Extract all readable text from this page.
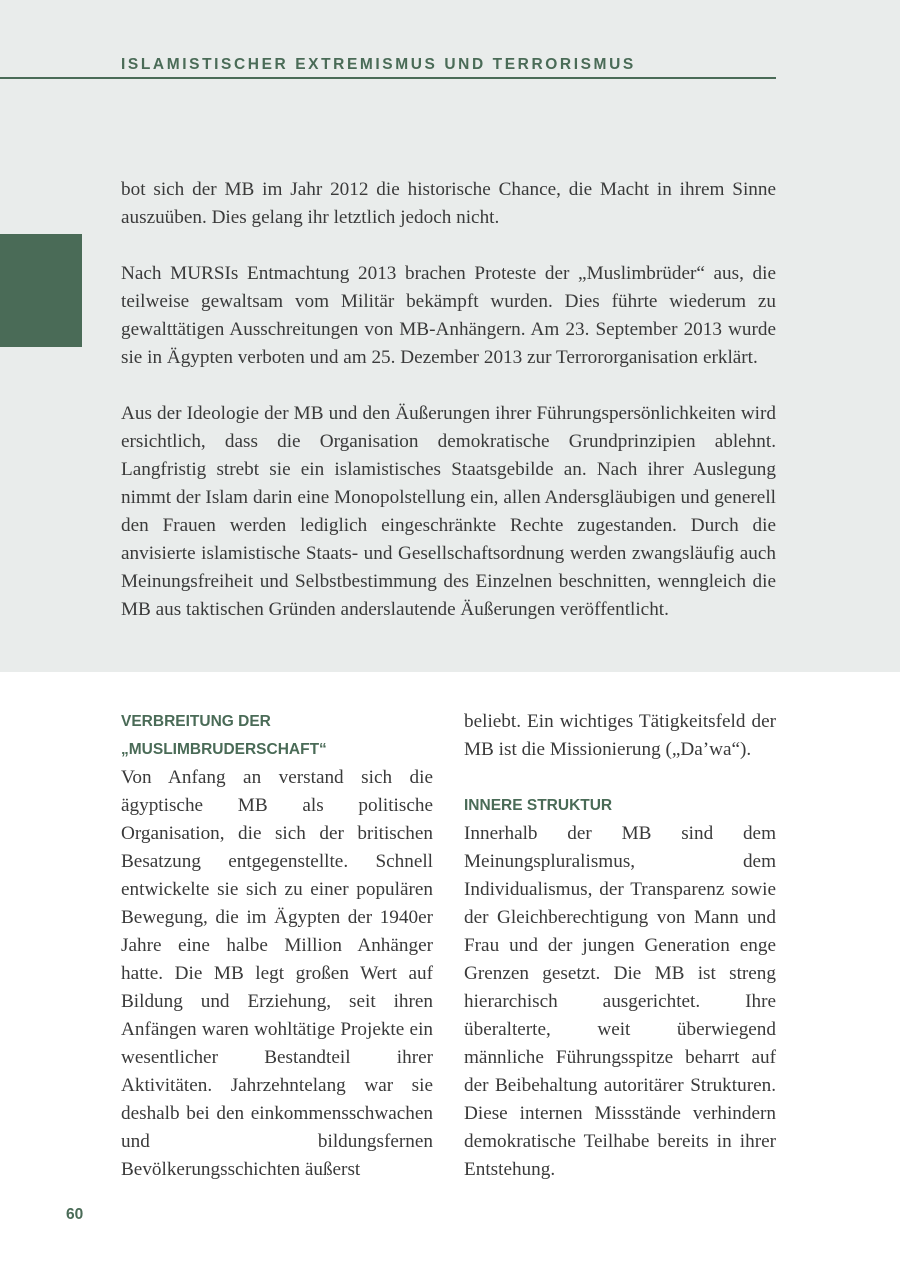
ISLAMISTISCHER EXTREMISMUS UND TERRORISMUS

bot sich der MB im Jahr 2012 die historische Chance, die Macht in ihrem Sinne auszuüben. Dies gelang ihr letztlich jedoch nicht.

Nach MURSIs Entmachtung 2013 brachen Proteste der „Muslimbrüder“ aus, die teilweise gewaltsam vom Militär bekämpft wurden. Dies führte wiederum zu gewalttätigen Ausschreitungen von MB-Anhängern. Am 23. September 2013 wurde sie in Ägypten verboten und am 25. Dezember 2013 zur Terrororganisation erklärt.

Aus der Ideologie der MB und den Äußerungen ihrer Führungspersönlichkeiten wird ersichtlich, dass die Organisation demokratische Grundprinzipien ablehnt. Langfristig strebt sie ein islamistisches Staatsgebilde an. Nach ihrer Auslegung nimmt der Islam darin eine Monopolstellung ein, allen Andersgläubigen und generell den Frauen werden lediglich eingeschränkte Rechte zugestanden. Durch die anvisierte islamistische Staats- und Gesellschaftsordnung werden zwangsläufig auch Meinungsfreiheit und Selbstbestimmung des Einzelnen beschnitten, wenngleich die MB aus taktischen Gründen anderslautende Äußerungen veröffentlicht.

VERBREITUNG DER
„MUSLIMBRUDERSCHAFT“

Von Anfang an verstand sich die ägyptische MB als politische Organisation, die sich der britischen Besatzung entgegenstellte. Schnell entwickelte sie sich zu einer populären Bewegung, die im Ägypten der 1940er Jahre eine halbe Million Anhänger hatte. Die MB legt großen Wert auf Bildung und Erziehung, seit ihren Anfängen waren wohltätige Projekte ein wesentlicher Bestandteil ihrer Aktivitäten. Jahrzehntelang war sie deshalb bei den einkommensschwachen und bildungsfernen Bevölkerungsschichten äußerst

beliebt. Ein wichtiges Tätigkeitsfeld der MB ist die Missionierung („Da’wa“).

INNERE STRUKTUR

Innerhalb der MB sind dem Meinungspluralismus, dem Individualismus, der Transparenz sowie der Gleichberechtigung von Mann und Frau und der jungen Generation enge Grenzen gesetzt. Die MB ist streng hierarchisch ausgerichtet. Ihre überalterte, weit überwiegend männliche Führungsspitze beharrt auf der Beibehaltung autoritärer Strukturen. Diese internen Missstände verhindern demokratische Teilhabe bereits in ihrer Entstehung.

60
